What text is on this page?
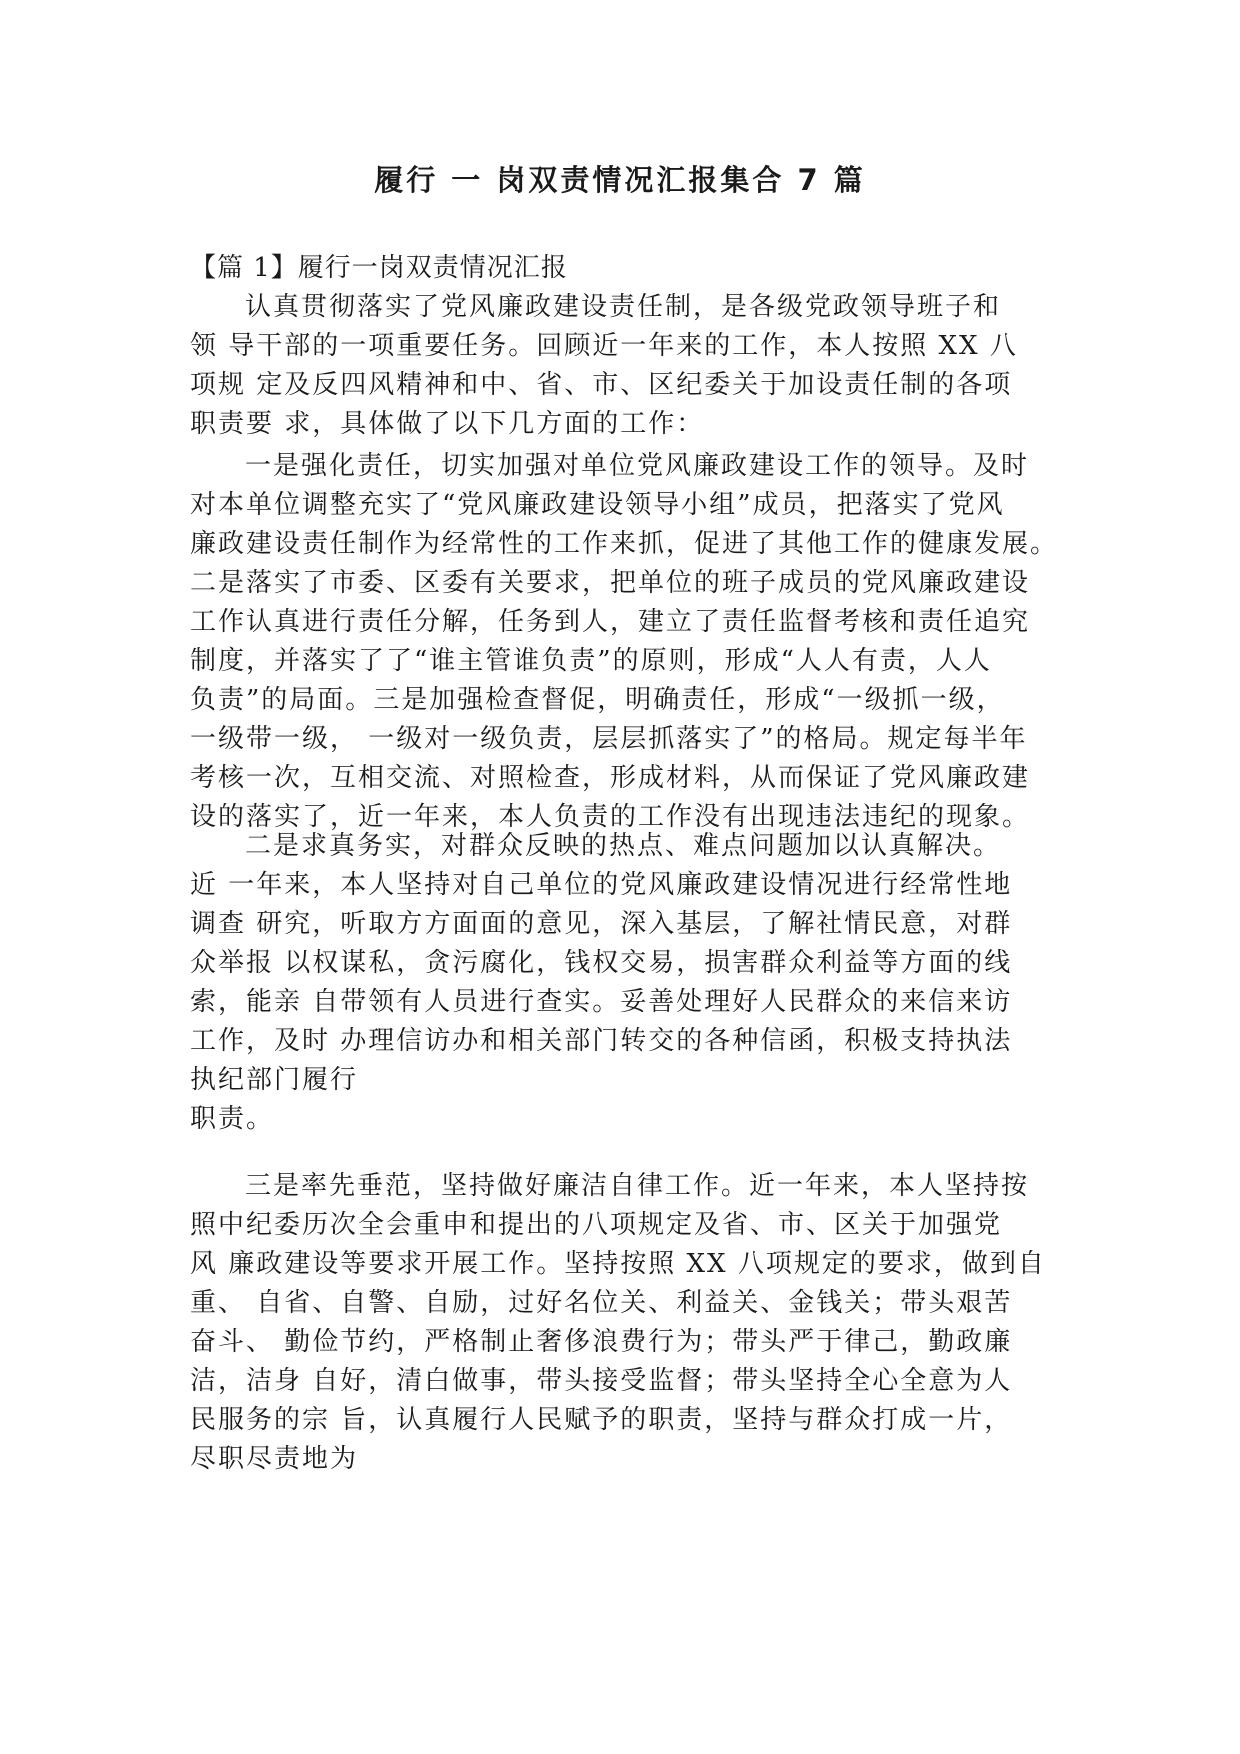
履行 一 岗双责情况汇报集合 7 篇

【篇 1】履行一岗双责情况汇报

认真贯彻落实了党风廉政建设责任制，是各级党政领导班子和
领 导干部的一项重要任务。回顾近一年来的工作，本人按照 XX 八
项规 定及反四风精神和中、省、市、区纪委关于加设责任制的各项
职责要 求，具体做了以下几方面的工作：

一是强化责任，切实加强对单位党风廉政建设工作的领导。及时
对本单位调整充实了“党风廉政建设领导小组”成员，把落实了党风
廉政建设责任制作为经常性的工作来抓，促进了其他工作的健康发展。
二是落实了市委、区委有关要求，把单位的班子成员的党风廉政建设
工作认真进行责任分解，任务到人，建立了责任监督考核和责任追究
制度，并落实了了“谁主管谁负责”的原则，形成“人人有责，人人
负责”的局面。三是加强检查督促，明确责任，形成“一级抓一级，
一级带一级， 一级对一级负责，层层抓落实了”的格局。规定每半年
考核一次，互相交流、对照检查，形成材料，从而保证了党风廉政建
设的落实了，近一年来，本人负责的工作没有出现违法违纪的现象。

二是求真务实，对群众反映的热点、难点问题加以认真解决。
近 一年来，本人坚持对自己单位的党风廉政建设情况进行经常性地
调查 研究，听取方方面面的意见，深入基层，了解社情民意，对群
众举报 以权谋私，贪污腐化，钱权交易，损害群众利益等方面的线
索，能亲 自带领有人员进行查实。妥善处理好人民群众的来信来访
工作，及时 办理信访办和相关部门转交的各种信函，积极支持执法
执纪部门履行
职责。

三是率先垂范，坚持做好廉洁自律工作。近一年来，本人坚持按
照中纪委历次全会重申和提出的八项规定及省、市、区关于加强党
风 廉政建设等要求开展工作。坚持按照 XX 八项规定的要求，做到自
重、 自省、自警、自励，过好名位关、利益关、金钱关；带头艰苦
奋斗、 勤俭节约，严格制止奢侈浪费行为；带头严于律己，勤政廉
洁，洁身 自好，清白做事，带头接受监督；带头坚持全心全意为人
民服务的宗 旨，认真履行人民赋予的职责，坚持与群众打成一片，
尽职尽责地为
